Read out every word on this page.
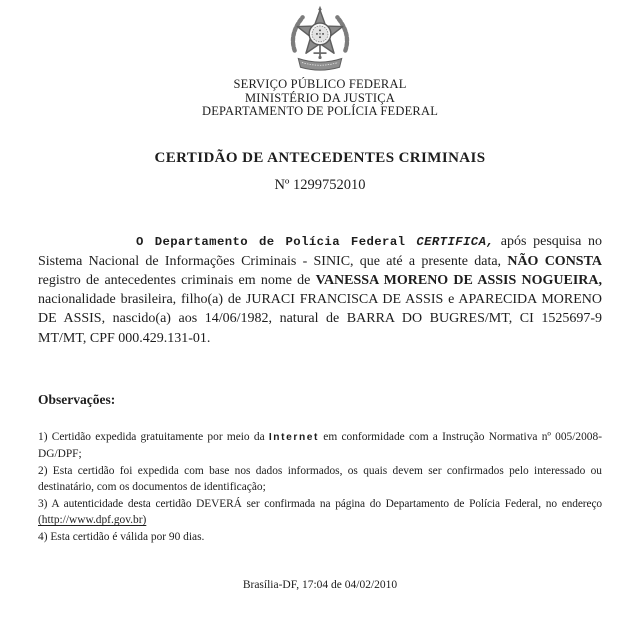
SERVIÇO PÚBLICO FEDERAL
MINISTÉRIO DA JUSTIÇA
DEPARTAMENTO DE POLÍCIA FEDERAL
CERTIDÃO DE ANTECEDENTES CRIMINAIS
Nº 1299752010

O Departamento de Polícia Federal CERTIFICA, após pesquisa no Sistema Nacional de Informações Criminais - SINIC, que até a presente data, NÃO CONSTA registro de antecedentes criminais em nome de VANESSA MORENO DE ASSIS NOGUEIRA, nacionalidade brasileira, filho(a) de JURACI FRANCISCA DE ASSIS e APARECIDA MORENO DE ASSIS, nascido(a) aos 14/06/1982, natural de BARRA DO BUGRES/MT, CI 1525697-9 MT/MT, CPF 000.429.131-01.

Observações:
1) Certidão expedida gratuitamente por meio da Internet em conformidade com a Instrução Normativa nº 005/2008-DG/DPF;
2) Esta certidão foi expedida com base nos dados informados, os quais devem ser confirmados pelo interessado ou destinatário, com os documentos de identificação;
3) A autenticidade desta certidão DEVERÁ ser confirmada na página do Departamento de Polícia Federal, no endereço
(http://www.dpf.gov.br)
4) Esta certidão é válida por 90 dias.
Brasília-DF, 17:04 de 04/02/2010
